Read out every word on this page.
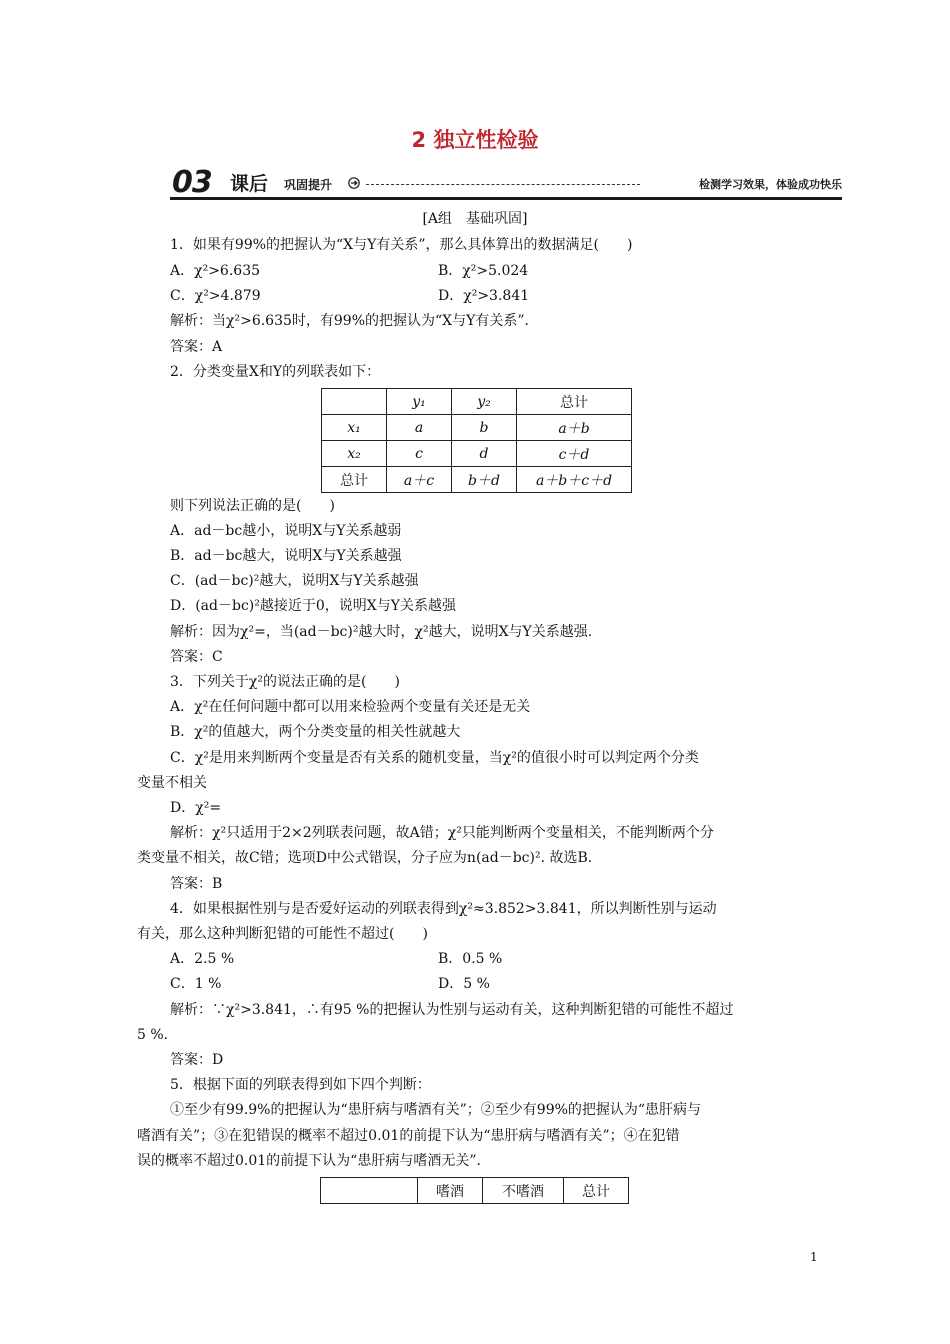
2 独立性检验
03 课后 巩固提升	检测学习效果，体验成功快乐
[A组　基础巩固]
1．如果有99%的把握认为“X与Y有关系”，那么具体算出的数据满足(　　)
A．χ²>6.635	B．χ²>5.024
C．χ²>4.879	D．χ²>3.841
解析：当χ²>6.635时，有99%的把握认为“X与Y有关系”．
答案：A
2．分类变量X和Y的列联表如下：
	y₁	y₂	总计
x₁	a	b	a＋b
x₂	c	d	c＋d
总计	a＋c	b＋d	a＋b＋c＋d
则下列说法正确的是(　　)
A．ad－bc越小，说明X与Y关系越弱
B．ad－bc越大，说明X与Y关系越强
C．(ad－bc)²越大，说明X与Y关系越强
D．(ad－bc)²越接近于0，说明X与Y关系越强
解析：因为χ²=，当(ad－bc)²越大时，χ²越大，说明X与Y关系越强.
答案：C
3．下列关于χ²的说法正确的是(　　)
A．χ²在任何问题中都可以用来检验两个变量有关还是无关
B．χ²的值越大，两个分类变量的相关性就越大
C．χ²是用来判断两个变量是否有关系的随机变量，当χ²的值很小时可以判定两个分类
变量不相关
D．χ²=
解析：χ²只适用于2×2列联表问题，故A错；χ²只能判断两个变量相关，不能判断两个分
类变量不相关，故C错；选项D中公式错误，分子应为n(ad－bc)². 故选B.
答案：B
4．如果根据性别与是否爱好运动的列联表得到χ²≈3.852>3.841，所以判断性别与运动
有关，那么这种判断犯错的可能性不超过(　　)
A．2.5 %	B．0.5 %
C．1 %	D．5 %
解析：∵χ²>3.841，∴有95 %的把握认为性别与运动有关，这种判断犯错的可能性不超过
5 %.
答案：D
5．根据下面的列联表得到如下四个判断：
①至少有99.9%的把握认为“患肝病与嗜酒有关”；②至少有99%的把握认为“患肝病与
嗜酒有关”；③在犯错误的概率不超过0.01的前提下认为“患肝病与嗜酒有关”；④在犯错
误的概率不超过0.01的前提下认为“患肝病与嗜酒无关”.
	嗜酒	不嗜酒	总计
1
